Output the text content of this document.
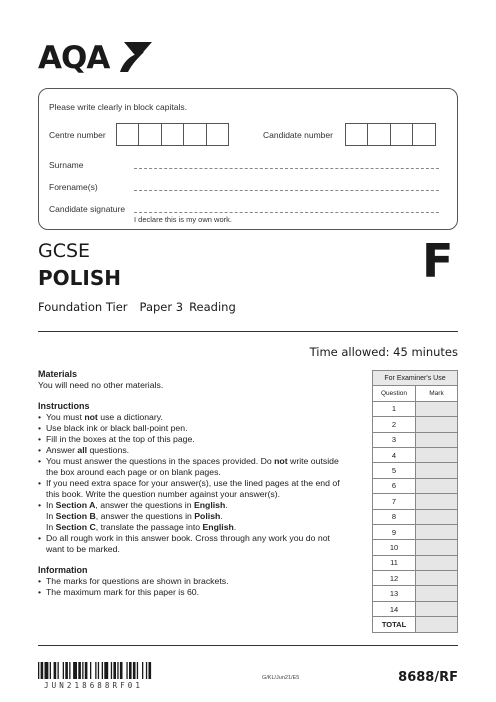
AQA
Please write clearly in block capitals.
Centre number	Candidate number
Surname
Forename(s)
Candidate signature
I declare this is my own work.
GCSE
POLISH
Foundation Tier Paper 3 Reading
F
Time allowed: 45 minutes
Materials
You will need no other materials.
Instructions
• You must not use a dictionary.
• Use black ink or black ball-point pen.
• Fill in the boxes at the top of this page.
• Answer all questions.
• You must answer the questions in the spaces provided. Do not write outside
the box around each page or on blank pages.
• If you need extra space for your answer(s), use the lined pages at the end of
this book. Write the question number against your answer(s).
• In Section A, answer the questions in English.
In Section B, answer the questions in Polish.
In Section C, translate the passage into English.
• Do all rough work in this answer book. Cross through any work you do not
want to be marked.
Information
• The marks for questions are shown in brackets.
• The maximum mark for this paper is 60.
For Examiner's Use	
Question	Mark
1	
2	
3	
4	
5	
6	
7	
8	
9	
10	
11	
12	
13	
14	
TOTAL	
JUN218688RF01
G/KL/Jun21/E5	8688/RF
